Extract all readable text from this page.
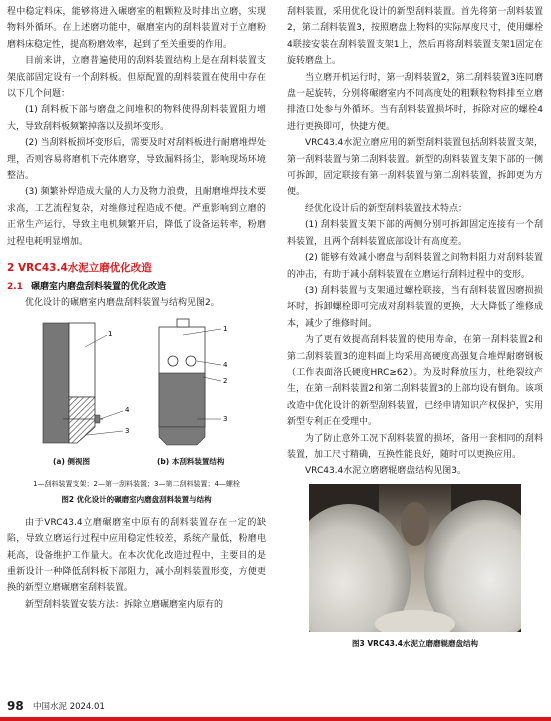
程中稳定料床，能够将进入碾磨室的粗颗粒及时排出立磨，实现物料外循环。在上述磨功能中，碾磨室内的刮料装置对于立磨粉磨料床稳定性，提高粉磨效率，起到了至关重要的作用。

目前来讲，立磨普遍使用的刮料装置结构上是在刮料装置支架底部固定设有一个刮料板。但原配置的刮料装置在使用中存在以下几个问题：

(1) 刮料板下部与磨盘之间堆积的物料使得刮料装置阻力增大，导致刮料板频繁掉落以及损坏变形。

(2) 当刮料板损坏变形后，需要及时对刮料板进行耐磨堆焊处理，否则容易将磨机下壳体磨穿，导致漏料扬尘，影响现场环境整洁。

(3) 频繁补焊造成大量的人力及物力浪费，且耐磨堆焊技术要求高，工艺流程复杂，对维修过程造成不便。严重影响到立磨的正常生产运行，导致主电机频繁开启，降低了设备运转率，粉磨过程电耗明显增加。

2 VRC43.4水泥立磨优化改造

2.1 碾磨室内磨盘刮料装置的优化改造

优化设计的碾磨室内磨盘刮料装置与结构见图2。

1
4
3
1
4
2
3
(a) 侧视图	(b) 本刮料装置结构

1—刮料装置支架；2—第一刮料装置；3—第二刮料装置；4—螺栓

图2 优化设计的碾磨室内磨盘刮料装置与结构

由于VRC43.4立磨碾磨室中原有的刮料装置存在一定的缺陷，导致立磨运行过程中应用稳定性较差，系统产量低，粉磨电耗高，设备维护工作量大。在本次优化改造过程中，主要目的是重新设计一种降低刮料板下部阻力，减小刮料装置形变，方便更换的新型立磨碾磨室刮料装置。

新型刮料装置安装方法：拆除立磨碾磨室内原有的

刮料装置，采用优化设计的新型刮料装置。首先将第一刮料装置2，第二刮料装置3，按照磨盘上物料的实际厚度尺寸，使用螺栓4联接安装在刮料装置支架1上，然后再将刮料装置支架1固定在旋转磨盘上。

当立磨开机运行时，第一刮料装置2，第二刮料装置3连同磨盘一起旋转，分别将碾磨室内不同高度处的粗颗粒物料排至立磨排渣口处参与外循环。当有刮料装置损坏时，拆除对应的螺栓4进行更换即可，快捷方便。

VRC43.4水泥立磨应用的新型刮料装置包括刮料装置支架，第一刮料装置与第二刮料装置。新型的刮料装置支架下部的一侧可拆卸，固定联接有第一刮料装置与第二刮料装置，拆卸更为方便。

经优化设计后的新型刮料装置技术特点：

(1) 刮料装置支架下部的两侧分别可拆卸固定连接有一个刮料装置，且两个刮料装置底部设计有高度差。

(2) 能够有效减小磨盘与刮料装置之间物料阻力对刮料装置的冲击，有助于减小刮料装置在立磨运行刮料过程中的变形。

(3) 刮料装置与支架通过螺栓联接，当有刮料装置因磨损损坏时，拆卸螺栓即可完成对刮料装置的更换，大大降低了维修成本，减少了维修时间。

为了更有效提高刮料装置的使用寿命，在第一刮料装置2和第二刮料装置3的迎料面上均采用高硬度高强复合堆焊耐磨钢板（工作表面洛氏硬度HRC≥62）。为及时释放压力，杜绝裂纹产生，在第一刮料装置2和第二刮料装置3的上部均设有倒角。该项改造中优化设计的新型刮料装置，已经申请知识产权保护，实用新型专利正在受理中。

为了防止意外工况下刮料装置的损坏，备用一套相同的刮料装置，加工尺寸精确，互换性能良好，随时可以更换应用。

VRC43.4水泥立磨磨辊磨盘结构见图3。

图3 VRC43.4水泥立磨磨辊磨盘结构

98 中国水泥 2024.01
